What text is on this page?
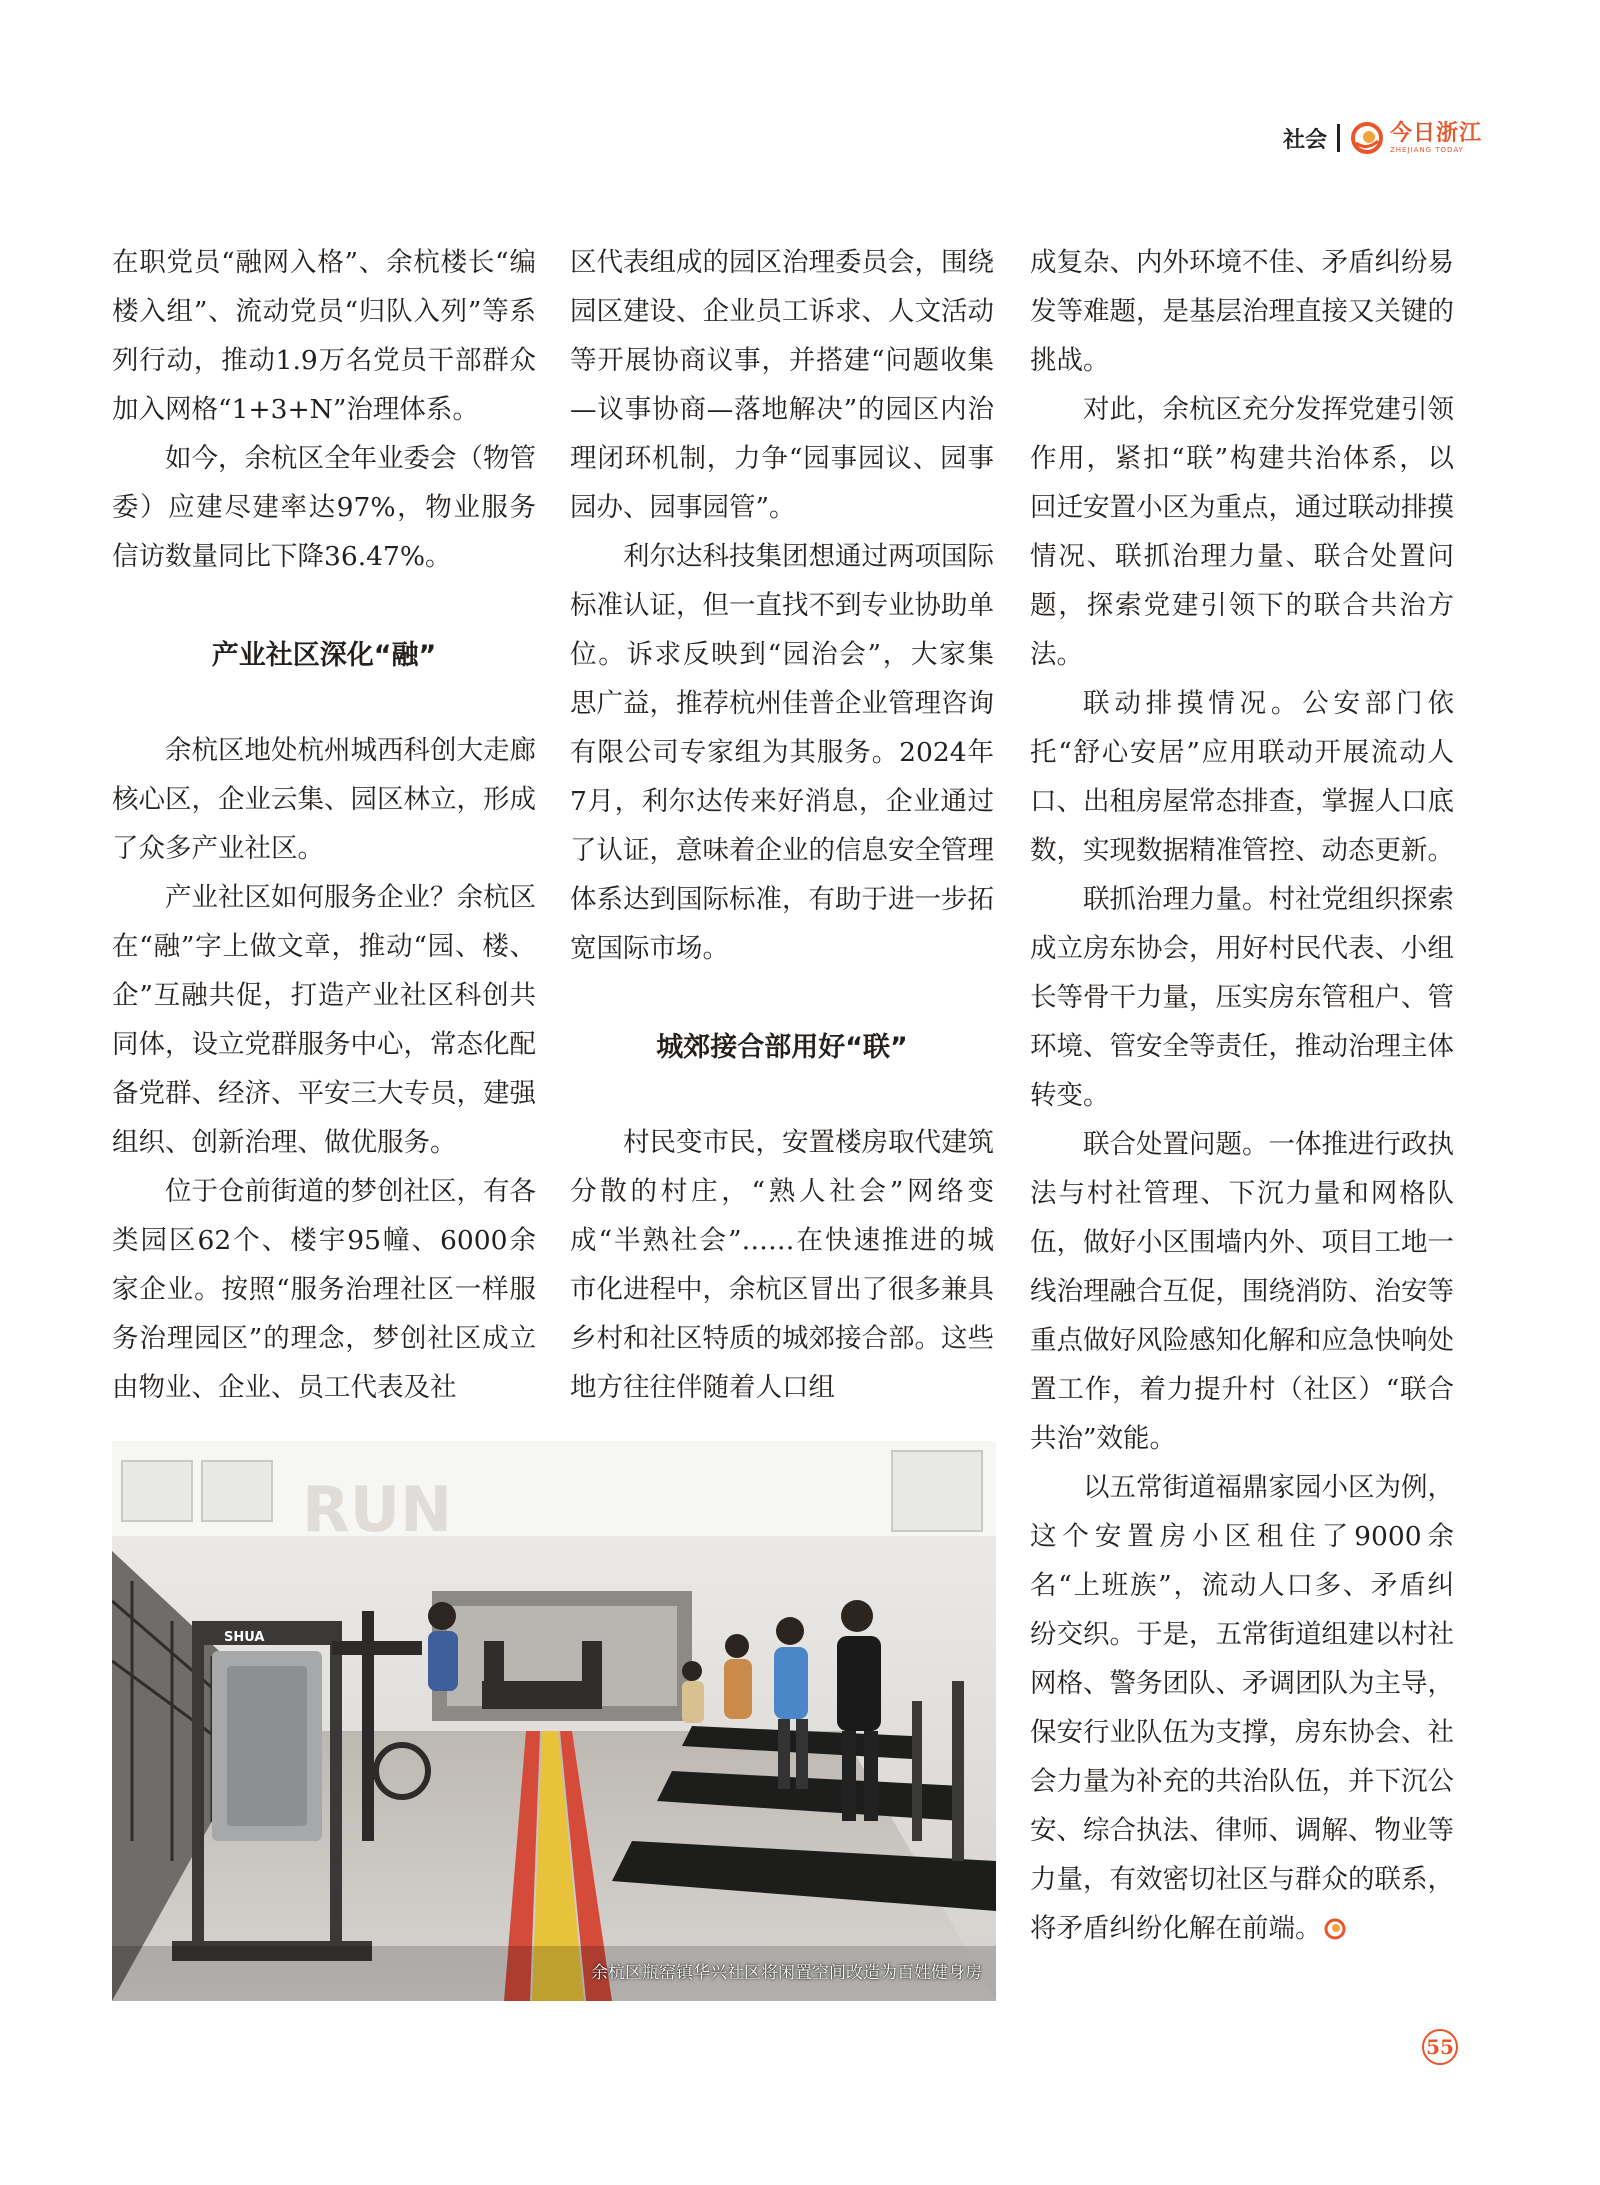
社会	今日浙江
ZHEJIANG TODAY

在职党员“融网入格”、余杭楼长“编楼入组”、流动党员“归队入列”等系列行动，推动1.9万名党员干部群众加入网格“1+3+N”治理体系。

如今，余杭区全年业委会（物管委）应建尽建率达97%，物业服务信访数量同比下降36.47%。

产业社区深化“融”

余杭区地处杭州城西科创大走廊核心区，企业云集、园区林立，形成了众多产业社区。

产业社区如何服务企业？余杭区在“融”字上做文章，推动“园、楼、企”互融共促，打造产业社区科创共同体，设立党群服务中心，常态化配备党群、经济、平安三大专员，建强组织、创新治理、做优服务。

位于仓前街道的梦创社区，有各类园区62个、楼宇95幢、6000余家企业。按照“服务治理社区一样服务治理园区”的理念，梦创社区成立由物业、企业、员工代表及社

区代表组成的园区治理委员会，围绕园区建设、企业员工诉求、人文活动等开展协商议事，并搭建“问题收集—议事协商—落地解决”的园区内治理闭环机制，力争“园事园议、园事园办、园事园管”。

利尔达科技集团想通过两项国际标准认证，但一直找不到专业协助单位。诉求反映到“园治会”，大家集思广益，推荐杭州佳普企业管理咨询有限公司专家组为其服务。2024年7月，利尔达传来好消息，企业通过了认证，意味着企业的信息安全管理体系达到国际标准，有助于进一步拓宽国际市场。

城郊接合部用好“联”

村民变市民，安置楼房取代建筑分散的村庄，“熟人社会”网络变成“半熟社会”……在快速推进的城市化进程中，余杭区冒出了很多兼具乡村和社区特质的城郊接合部。这些地方往往伴随着人口组

成复杂、内外环境不佳、矛盾纠纷易发等难题，是基层治理直接又关键的挑战。

对此，余杭区充分发挥党建引领作用，紧扣“联”构建共治体系，以回迁安置小区为重点，通过联动排摸情况、联抓治理力量、联合处置问题，探索党建引领下的联合共治方法。

联动排摸情况。公安部门依托“舒心安居”应用联动开展流动人口、出租房屋常态排查，掌握人口底数，实现数据精准管控、动态更新。

联抓治理力量。村社党组织探索成立房东协会，用好村民代表、小组长等骨干力量，压实房东管租户、管环境、管安全等责任，推动治理主体转变。

联合处置问题。一体推进行政执法与村社管理、下沉力量和网格队伍，做好小区围墙内外、项目工地一线治理融合互促，围绕消防、治安等重点做好风险感知化解和应急快响处置工作，着力提升村（社区）“联合共治”效能。

以五常街道福鼎家园小区为例，这个安置房小区租住了9000余名“上班族”，流动人口多、矛盾纠纷交织。于是，五常街道组建以村社网格、警务团队、矛调团队为主导，保安行业队伍为支撑，房东协会、社会力量为补充的共治队伍，并下沉公安、综合执法、律师、调解、物业等力量，有效密切社区与群众的联系，将矛盾纠纷化解在前端。

RUN
SHUA
余杭区瓶窑镇华兴社区将闲置空间改造为百姓健身房
55
